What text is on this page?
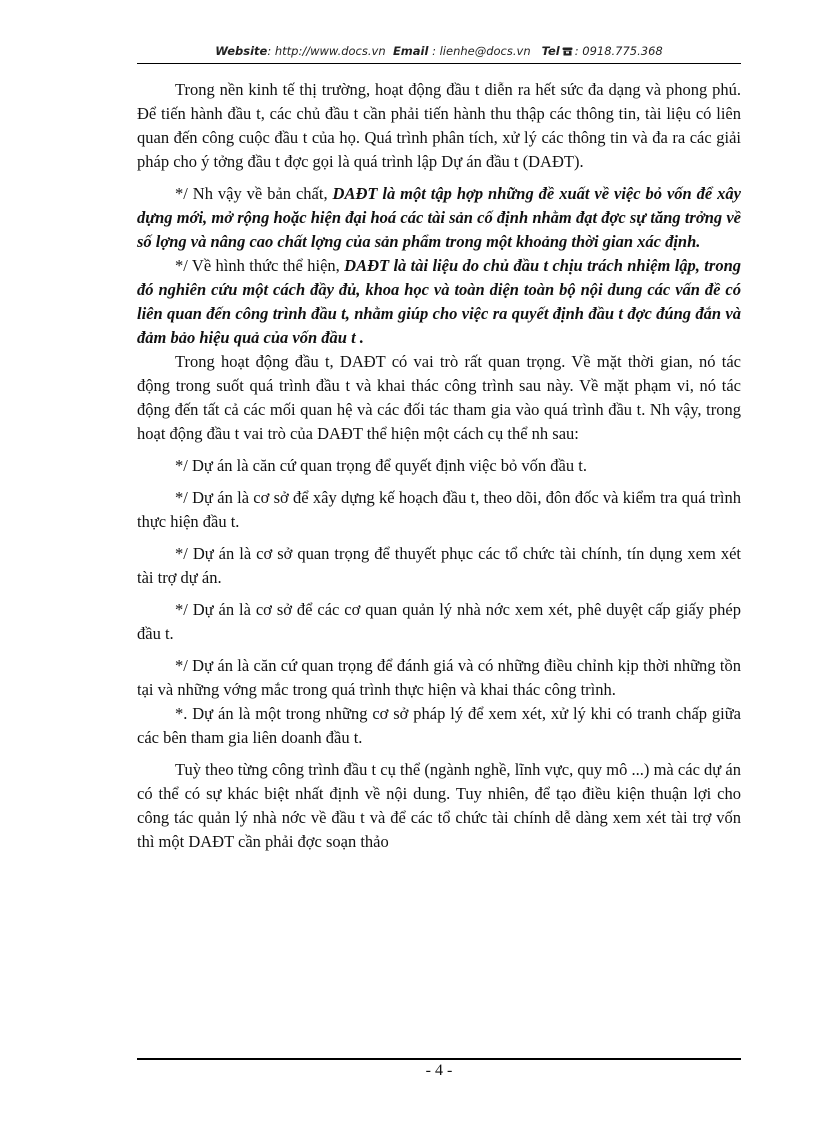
Website: http://www.docs.vn Email : lienhe@docs.vn Tel : 0918.775.368

Trong nền kinh tế thị trường, hoạt động đầu t diễn ra hết sức đa dạng và phong phú. Để tiến hành đầu t, các chủ đầu t cần phải tiến hành thu thập các thông tin, tài liệu có liên quan đến công cuộc đầu t của họ. Quá trình phân tích, xử lý các thông tin và đa ra các giải pháp cho ý tởng đầu t đợc gọi là quá trình lập Dự án đầu t (DAĐT).

*/ Nh vậy về bản chất, DAĐT là một tập hợp những đề xuất về việc bỏ vốn để xây dựng mới, mở rộng hoặc hiện đại hoá các tài sản cố định nhằm đạt đợc sự tăng trởng về số lợng và nâng cao chất lợng của sản phẩm trong một khoảng thời gian xác định.

*/ Về hình thức thể hiện, DAĐT là tài liệu do chủ đầu t chịu trách nhiệm lập, trong đó nghiên cứu một cách đầy đủ, khoa học và toàn diện toàn bộ nội dung các vấn đề có liên quan đến công trình đầu t, nhằm giúp cho việc ra quyết định đầu t đợc đúng đắn và đảm bảo hiệu quả của vốn đầu t .

Trong hoạt động đầu t, DAĐT có vai trò rất quan trọng. Về mặt thời gian, nó tác động trong suốt quá trình đầu t và khai thác công trình sau này. Về mặt phạm vi, nó tác động đến tất cả các mối quan hệ và các đối tác tham gia vào quá trình đầu t. Nh vậy, trong hoạt động đầu t vai trò của DAĐT thể hiện một cách cụ thể nh sau:

*/ Dự án là căn cứ quan trọng để quyết định việc bỏ vốn đầu t.

*/ Dự án là cơ sở để xây dựng kế hoạch đầu t, theo dõi, đôn đốc và kiểm tra quá trình thực hiện đầu t.

*/ Dự án là cơ sở quan trọng để thuyết phục các tổ chức tài chính, tín dụng xem xét tài trợ dự án.

*/ Dự án là cơ sở để các cơ quan quản lý nhà nớc xem xét, phê duyệt cấp giấy phép đầu t.

*/ Dự án là căn cứ quan trọng để đánh giá và có những điều chỉnh kịp thời những tồn tại và những vớng mắc trong quá trình thực hiện và khai thác công trình.

*. Dự án là một trong những cơ sở pháp lý để xem xét, xử lý khi có tranh chấp giữa các bên tham gia liên doanh đầu t.

Tuỳ theo từng công trình đầu t cụ thể (ngành nghề, lĩnh vực, quy mô ...) mà các dự án có thể có sự khác biệt nhất định về nội dung. Tuy nhiên, để tạo điều kiện thuận lợi cho công tác quản lý nhà nớc về đầu t và để các tổ chức tài chính dễ dàng xem xét tài trợ vốn thì một DAĐT cần phải đợc soạn thảo

- 4 -
